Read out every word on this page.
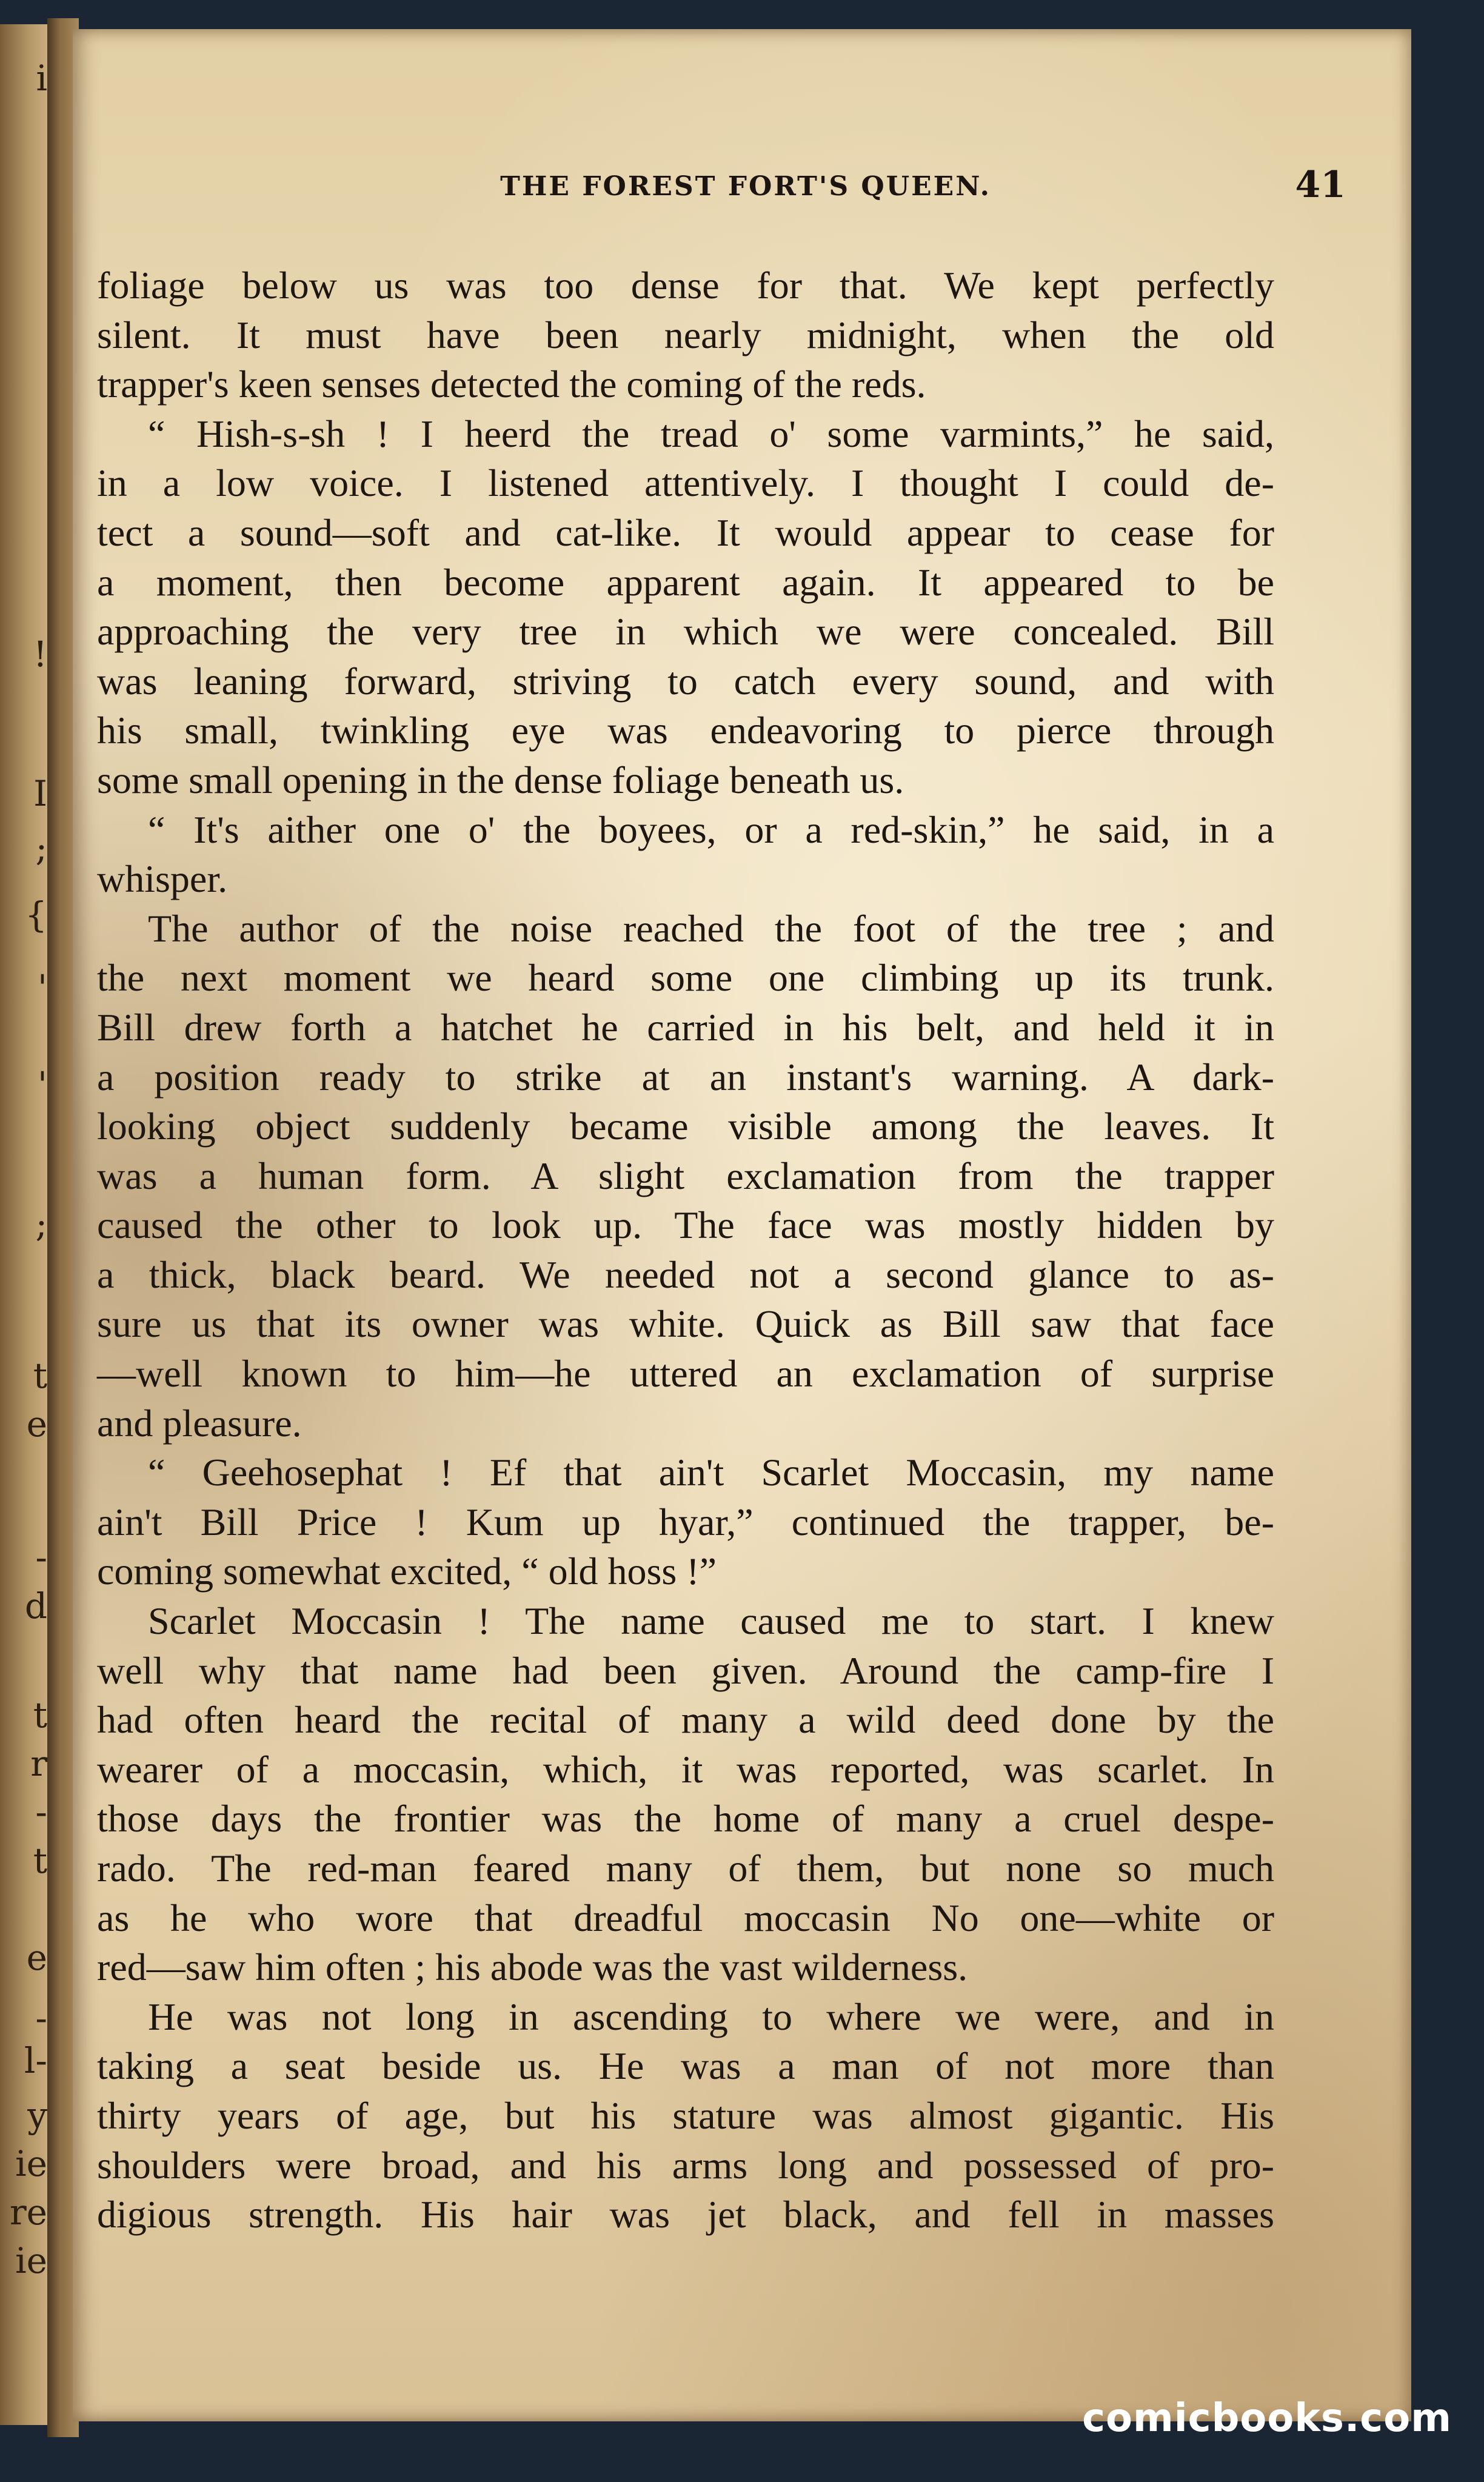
i
!
I
;
{
'
'
;
t
e
-
d
t
r
-
t
e
-
l-
y
ie
re
ie
THE FOREST FORT'S QUEEN.	41
foliage below us was too dense for that. We kept perfectly
silent. It must have been nearly midnight, when the old
trapper's keen senses detected the coming of the reds.
“ Hish-s-sh ! I heerd the tread o' some varmints,” he said,
in a low voice. I listened attentively. I thought I could de-
tect a sound—soft and cat-like. It would appear to cease for
a moment, then become apparent again. It appeared to be
approaching the very tree in which we were concealed. Bill
was leaning forward, striving to catch every sound, and with
his small, twinkling eye was endeavoring to pierce through
some small opening in the dense foliage beneath us.
“ It's aither one o' the boyees, or a red-skin,” he said, in a
whisper.
The author of the noise reached the foot of the tree ; and
the next moment we heard some one climbing up its trunk.
Bill drew forth a hatchet he carried in his belt, and held it in
a position ready to strike at an instant's warning. A dark-
looking object suddenly became visible among the leaves. It
was a human form. A slight exclamation from the trapper
caused the other to look up. The face was mostly hidden by
a thick, black beard. We needed not a second glance to as-
sure us that its owner was white. Quick as Bill saw that face
—well known to him—he uttered an exclamation of surprise
and pleasure.
“ Geehosephat ! Ef that ain't Scarlet Moccasin, my name
ain't Bill Price ! Kum up hyar,” continued the trapper, be-
coming somewhat excited, “ old hoss !”
Scarlet Moccasin ! The name caused me to start. I knew
well why that name had been given. Around the camp-fire I
had often heard the recital of many a wild deed done by the
wearer of a moccasin, which, it was reported, was scarlet. In
those days the frontier was the home of many a cruel despe-
rado. The red-man feared many of them, but none so much
as he who wore that dreadful moccasin No one—white or
red—saw him often ; his abode was the vast wilderness.
He was not long in ascending to where we were, and in
taking a seat beside us. He was a man of not more than
thirty years of age, but his stature was almost gigantic. His
shoulders were broad, and his arms long and possessed of pro-
digious strength. His hair was jet black, and fell in masses
comicbooks.com
